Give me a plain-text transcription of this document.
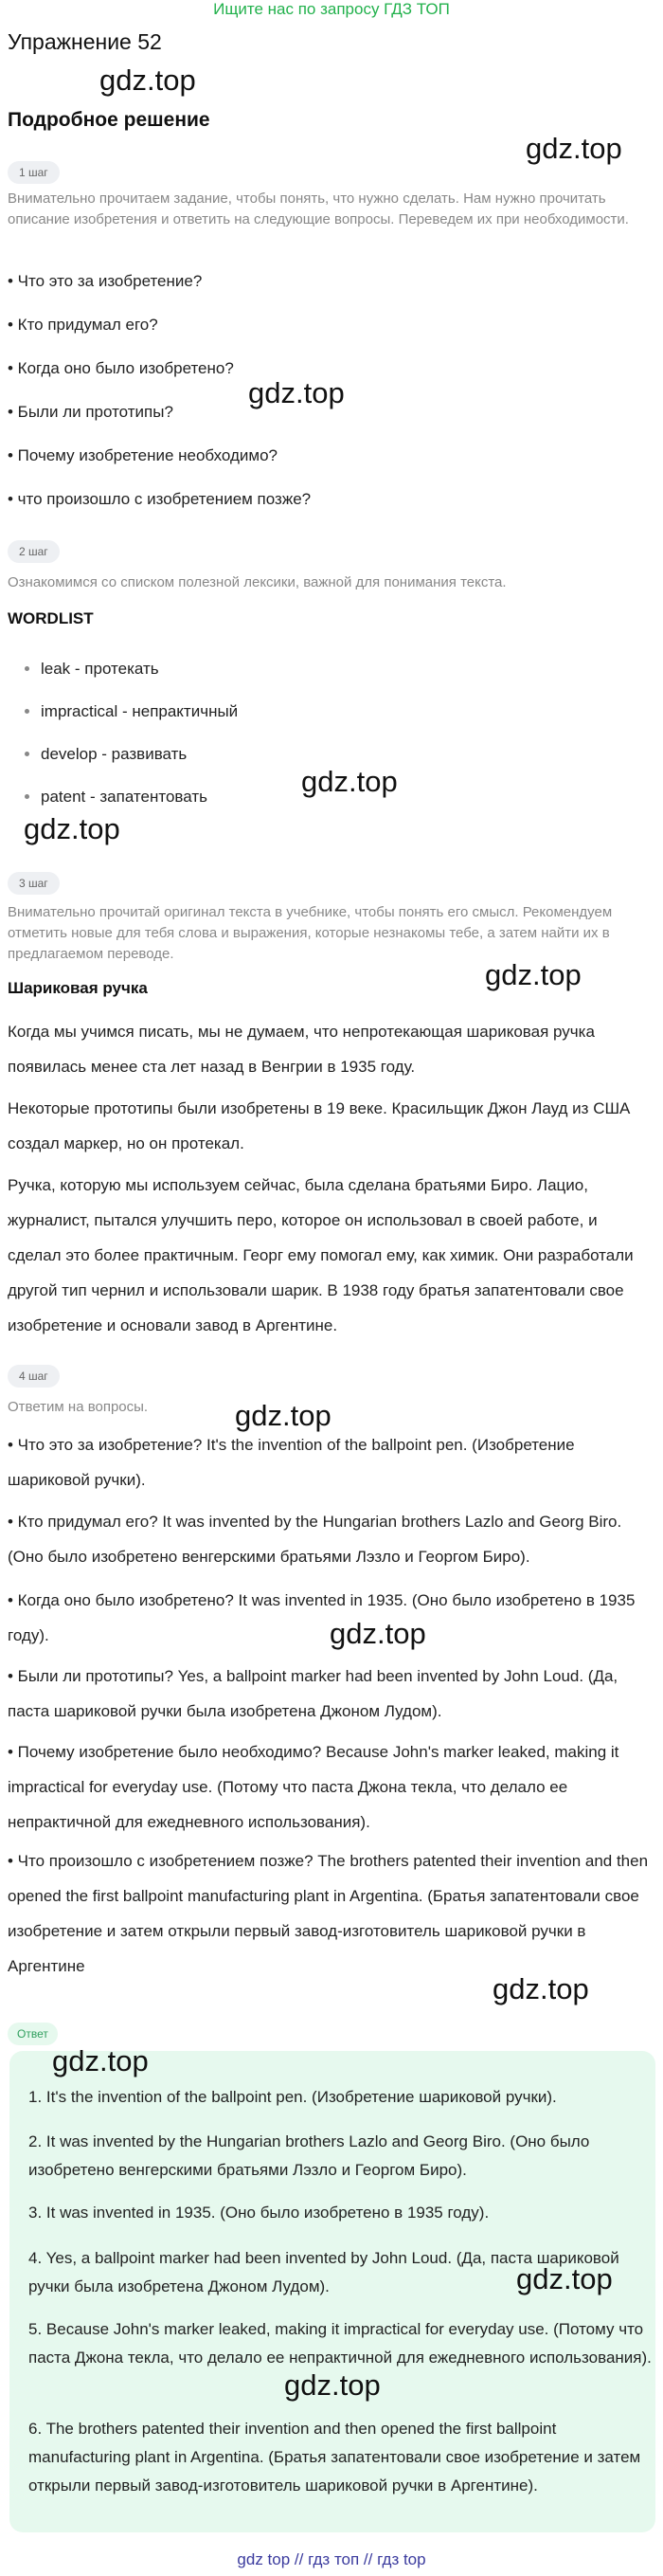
Ищите нас по запросу ГДЗ ТОП
Упражнение 52
Подробное решение
gdz.top
gdz.top
gdz.top
gdz.top
gdz.top
gdz.top
gdz.top
gdz.top
gdz.top
1 шаг
Внимательно прочитаем задание, чтобы понять, что нужно сделать. Нам нужно прочитать описание изобретения и ответить на следующие вопросы. Переведем их при необходимости.
• Что это за изобретение?
• Кто придумал его?
• Когда оно было изобретено?
• Были ли прототипы?
• Почему изобретение необходимо?
• что произошло с изобретением позже?
2 шаг
Ознакомимся со списком полезной лексики, важной для понимания текста.
WORDLIST
leak - протекать
impractical - непрактичный
develop - развивать
patent - запатентовать
3 шаг
Внимательно прочитай оригинал текста в учебнике, чтобы понять его смысл. Рекомендуем отметить новые для тебя слова и выражения, которые незнакомы тебе, а затем найти их в предлагаемом переводе.
Шариковая ручка
Когда мы учимся писать, мы не думаем, что непротекающая шариковая ручка появилась менее ста лет назад в Венгрии в 1935 году.
Некоторые прототипы были изобретены в 19 веке. Красильщик Джон Лауд из США создал маркер, но он протекал.
Ручка, которую мы используем сейчас, была сделана братьями Биро. Лацио, журналист, пытался улучшить перо, которое он использовал в своей работе, и сделал это более практичным. Георг ему помогал ему, как химик. Они разработали другой тип чернил и использовали шарик. В 1938 году братья запатентовали свое изобретение и основали завод в Аргентине.
4 шаг
Ответим на вопросы.
• Что это за изобретение? It's the invention of the ballpoint pen. (Изобретение шариковой ручки).
• Кто придумал его? It was invented by the Hungarian brothers Lazlo and Georg Biro. (Оно было изобретено венгерскими братьями Лэзло и Георгом Биро).
• Когда оно было изобретено? It was invented in 1935. (Оно было изобретено в 1935 году).
• Были ли прототипы? Yes, a ballpoint marker had been invented by John Loud. (Да, паста шариковой ручки была изобретена Джоном Лудом).
• Почему изобретение было необходимо? Because John's marker leaked, making it impractical for everyday use. (Потому что паста Джона текла, что делало ее непрактичной для ежедневного использования).
• Что произошло с изобретением позже? The brothers patented their invention and then opened the first ballpoint manufacturing plant in Argentina. (Братья запатентовали свое изобретение и затем открыли первый завод-изготовитель шариковой ручки в Аргентине
Ответ
gdz.top
1. It's the invention of the ballpoint pen. (Изобретение шариковой ручки).
2. It was invented by the Hungarian brothers Lazlo and Georg Biro. (Оно было изобретено венгерскими братьями Лэзло и Георгом Биро).
3. It was invented in 1935. (Оно было изобретено в 1935 году).
4. Yes, a ballpoint marker had been invented by John Loud. (Да, паста шариковой ручки была изобретена Джоном Лудом).	gdz.top
5. Because John's marker leaked, making it impractical for everyday use. (Потому что паста Джона текла, что делало ее непрактичной для ежедневного использования).
gdz.top
6. The brothers patented their invention and then opened the first ballpoint manufacturing plant in Argentina. (Братья запатентовали свое изобретение и затем открыли первый завод-изготовитель шариковой ручки в Аргентине).
gdz top // гдз топ // гдз top
